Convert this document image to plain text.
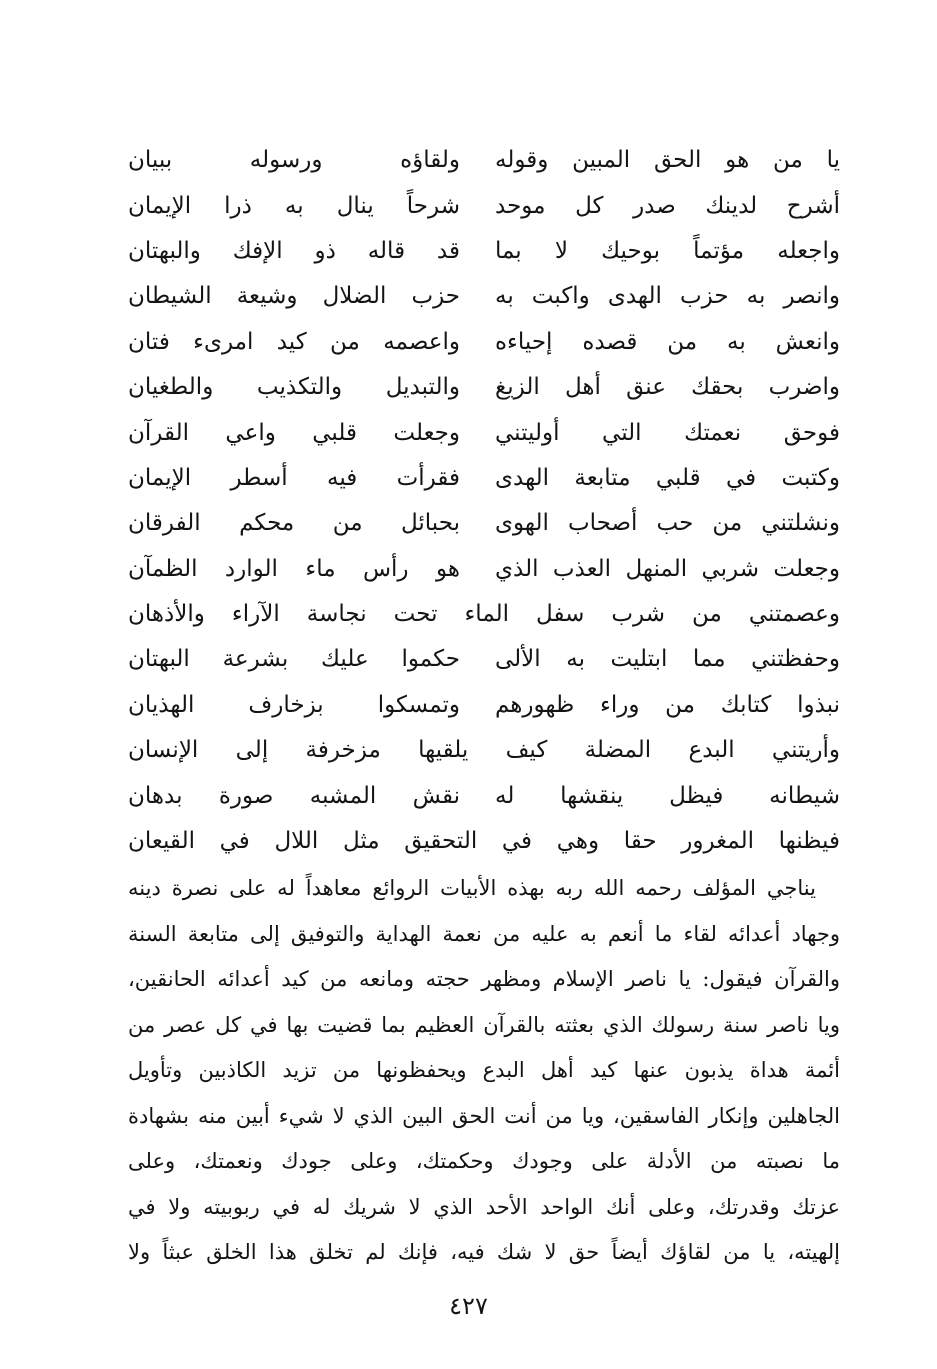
يا من هو الحق المبين وقوله
ولقاؤه ورسوله ببيان
أشرح لدينك صدر كل موحد
شرحاً ينال به ذرا الإيمان
واجعله مؤتماً بوحيك لا بما
قد قاله ذو الإفك والبهتان
وانصر به حزب الهدى واكبت به
حزب الضلال وشيعة الشيطان
وانعش به من قصده إحياءه
واعصمه من كيد امرىء فتان
واضرب بحقك عنق أهل الزيغ
والتبديل والتكذيب والطغيان
فوحق نعمتك التي أوليتني
وجعلت قلبي واعي القرآن
وكتبت في قلبي متابعة الهدى
فقرأت فيه أسطر الإيمان
ونشلتني من حب أصحاب الهوى
بحبائل من محكم الفرقان
وجعلت شربي المنهل العذب الذي
هو رأس ماء الوارد الظمآن
وعصمتني من شرب سفل الماء تحت نجاسة الآراء والأذهان
وحفظتني مما ابتليت به الألى
حكموا عليك بشرعة البهتان
نبذوا كتابك من وراء ظهورهم
وتمسكوا بزخارف الهذيان
وأريتني البدع المضلة كيف يلقيها مزخرفة إلى الإنسان
شيطانه فيظل ينقشها له
نقش المشبه صورة بدهان
فيظنها المغرور حقا وهي في التحقيق مثل اللال في القيعان
يناجي المؤلف رحمه الله ربه بهذه الأبيات الروائع معاهداً له على نصرة دينه
وجهاد أعدائه لقاء ما أنعم به عليه من نعمة الهداية والتوفيق إلى متابعة السنة
والقرآن فيقول: يا ناصر الإسلام ومظهر حجته ومانعه من كيد أعدائه الحانقين،
ويا ناصر سنة رسولك الذي بعثته بالقرآن العظيم بما قضيت بها في كل عصر من
أئمة هداة يذبون عنها كيد أهل البدع ويحفظونها من تزيد الكاذبين وتأويل
الجاهلين وإنكار الفاسقين، ويا من أنت الحق البين الذي لا شيء أبين منه بشهادة
ما نصبته من الأدلة على وجودك وحكمتك، وعلى جودك ونعمتك، وعلى
عزتك وقدرتك، وعلى أنك الواحد الأحد الذي لا شريك له في ربوبيته ولا في
إلهيته، يا من لقاؤك أيضاً حق لا شك فيه، فإنك لم تخلق هذا الخلق عبثاً ولا
٤٢٧
